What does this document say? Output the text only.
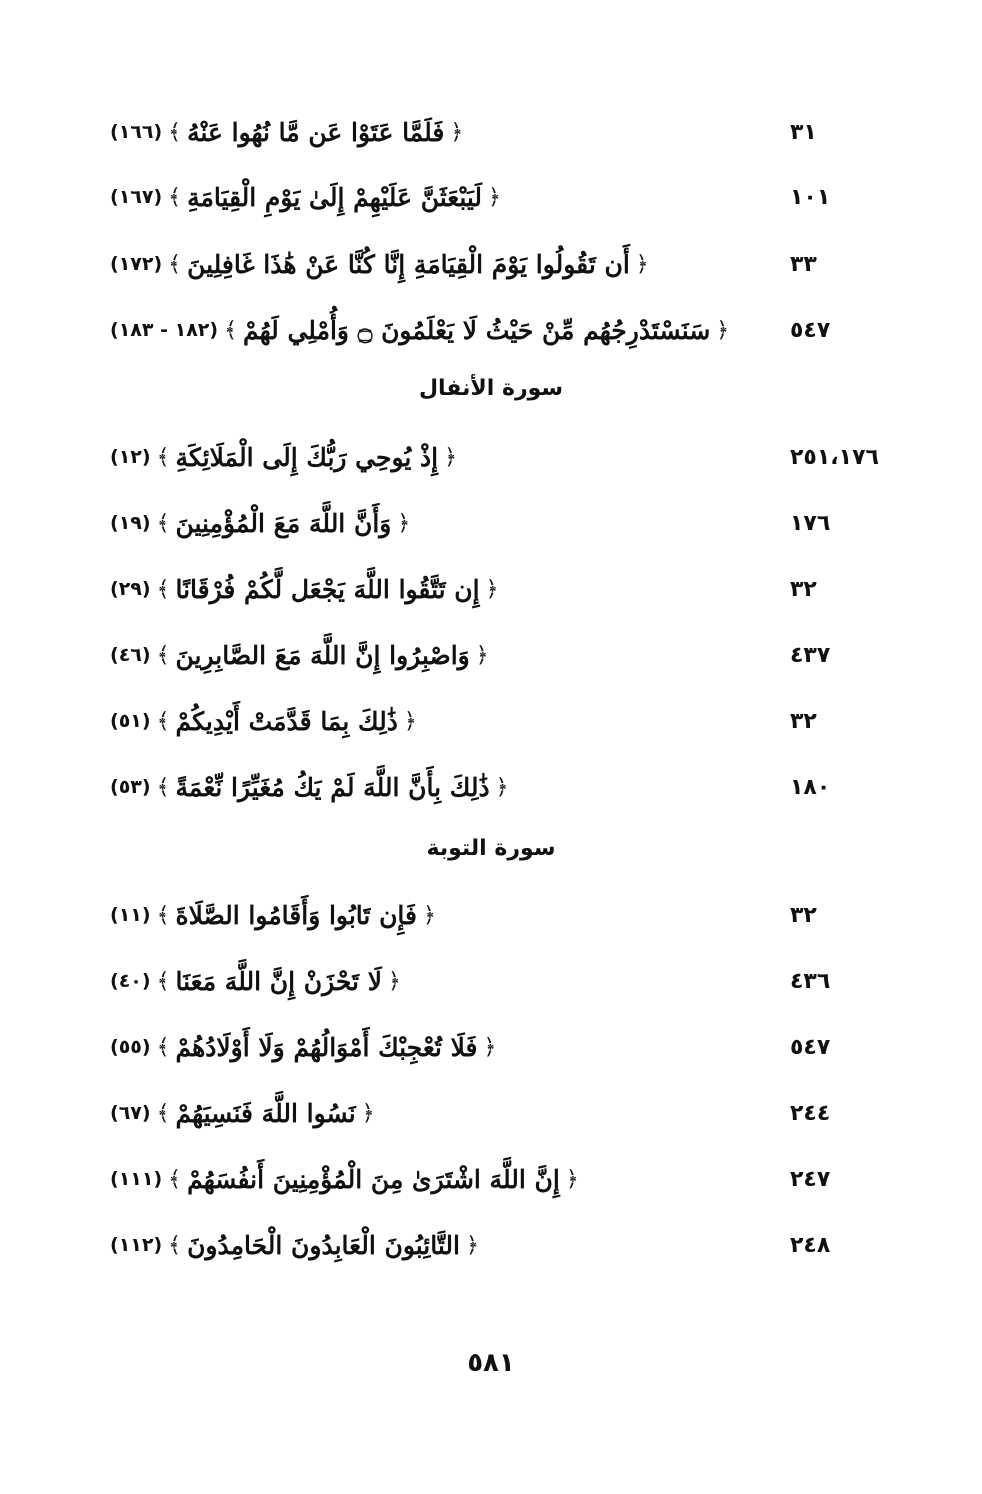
﴿
فَلَمَّا عَتَوْا عَن مَّا نُهُوا عَنْهُ
﴾
(١٦٦)	٣١
﴿
لَيَبْعَثَنَّ عَلَيْهِمْ إِلَىٰ يَوْمِ الْقِيَامَةِ
﴾
(١٦٧)	١٠١
﴿
أَن تَقُولُوا يَوْمَ الْقِيَامَةِ إِنَّا كُنَّا عَنْ هَٰذَا غَافِلِينَ
﴾
(١٧٢)	٣٣
﴿
سَنَسْتَدْرِجُهُم مِّنْ حَيْثُ لَا يَعْلَمُونَ ۝ وَأُمْلِي لَهُمْ
﴾
(١٨٢ - ١٨٣)	٥٤٧
سورة الأنفال
﴿
إِذْ يُوحِي رَبُّكَ إِلَى الْمَلَائِكَةِ
﴾
(١٢)	٢٥١،١٧٦
﴿
وَأَنَّ اللَّهَ مَعَ الْمُؤْمِنِينَ
﴾
(١٩)	١٧٦
﴿
إِن تَتَّقُوا اللَّهَ يَجْعَل لَّكُمْ فُرْقَانًا
﴾
(٢٩)	٣٢
﴿
وَاصْبِرُوا إِنَّ اللَّهَ مَعَ الصَّابِرِينَ
﴾
(٤٦)	٤٣٧
﴿
ذَٰلِكَ بِمَا قَدَّمَتْ أَيْدِيكُمْ
﴾
(٥١)	٣٢
﴿
ذَٰلِكَ بِأَنَّ اللَّهَ لَمْ يَكُ مُغَيِّرًا نِّعْمَةً
﴾
(٥٣)	١٨٠
سورة التوبة
﴿
فَإِن تَابُوا وَأَقَامُوا الصَّلَاةَ
﴾
(١١)	٣٢
﴿
لَا تَحْزَنْ إِنَّ اللَّهَ مَعَنَا
﴾
(٤٠)	٤٣٦
﴿
فَلَا تُعْجِبْكَ أَمْوَالُهُمْ وَلَا أَوْلَادُهُمْ
﴾
(٥٥)	٥٤٧
﴿
نَسُوا اللَّهَ فَنَسِيَهُمْ
﴾
(٦٧)	٢٤٤
﴿
إِنَّ اللَّهَ اشْتَرَىٰ مِنَ الْمُؤْمِنِينَ أَنفُسَهُمْ
﴾
(١١١)	٢٤٧
﴿
التَّائِبُونَ الْعَابِدُونَ الْحَامِدُونَ
﴾
(١١٢)	٢٤٨
٥٨١
